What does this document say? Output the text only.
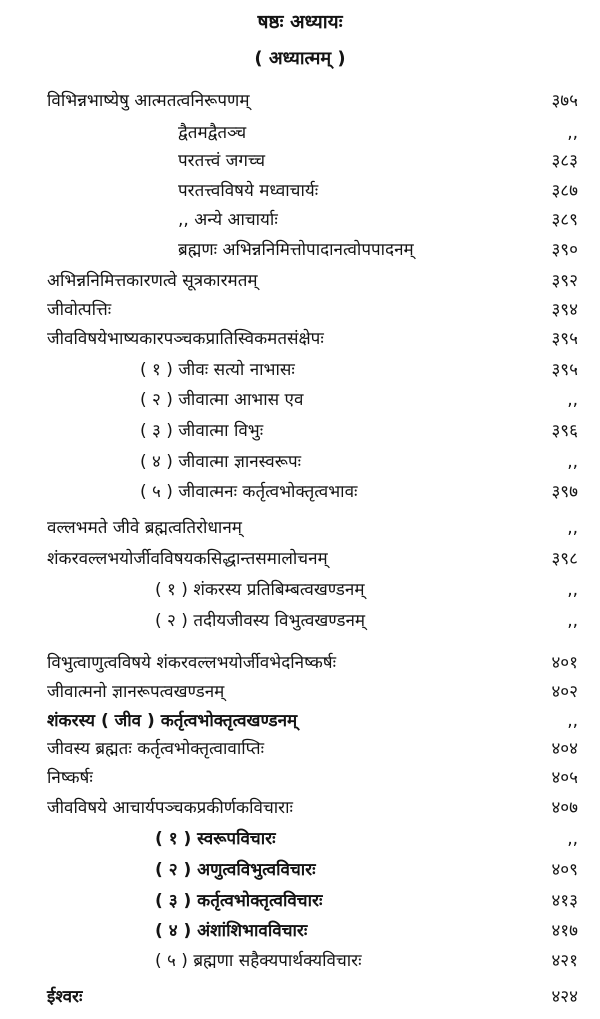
षष्ठः अध्यायः
( अध्यात्मम् )
विभिन्नभाष्येषु आत्मतत्वनिरूपणम्	३७५
द्वैतमद्वैतञ्च	,,
परतत्त्वं जगच्च	३८३
परतत्त्वविषये मध्वाचार्यः	३८७
,, अन्ये आचार्याः	३८९
ब्रह्मणः अभिन्ननिमित्तोपादानत्वोपपादनम्	३९०
अभिन्ननिमित्तकारणत्वे सूत्रकारमतम्	३९२
जीवोत्पत्तिः	३९४
जीवविषयेभाष्यकारपञ्चकप्रातिस्विकमतसंक्षेपः	३९५
( १ ) जीवः सत्यो नाभासः	३९५
( २ ) जीवात्मा आभास एव	,,
( ३ ) जीवात्मा विभुः	३९६
( ४ ) जीवात्मा ज्ञानस्वरूपः	,,
( ५ ) जीवात्मनः कर्तृत्वभोक्तृत्वभावः	३९७
वल्लभमते जीवे ब्रह्मत्वतिरोधानम्	,,
शंकरवल्लभयोर्जीवविषयकसिद्धान्तसमालोचनम्	३९८
( १ ) शंकरस्य प्रतिबिम्बत्वखण्डनम्	,,
( २ ) तदीयजीवस्य विभुत्वखण्डनम्	,,
विभुत्वाणुत्वविषये शंकरवल्लभयोर्जीवभेदनिष्कर्षः	४०१
जीवात्मनो ज्ञानरूपत्वखण्डनम्	४०२
शंकरस्य ( जीव ) कर्तृत्वभोक्तृत्वखण्डनम्	,,
जीवस्य ब्रह्मतः कर्तृत्वभोक्तृत्वावाप्तिः	४०४
निष्कर्षः	४०५
जीवविषये आचार्यपञ्चकप्रकीर्णकविचाराः	४०७
( १ ) स्वरूपविचारः	,,
( २ ) अणुत्वविभुत्वविचारः	४०९
( ३ ) कर्तृत्वभोक्तृत्वविचारः	४१३
( ४ ) अंशांशिभावविचारः	४१७
( ५ ) ब्रह्मणा सहैक्यपार्थक्यविचारः	४२१
ईश्वरः	४२४
